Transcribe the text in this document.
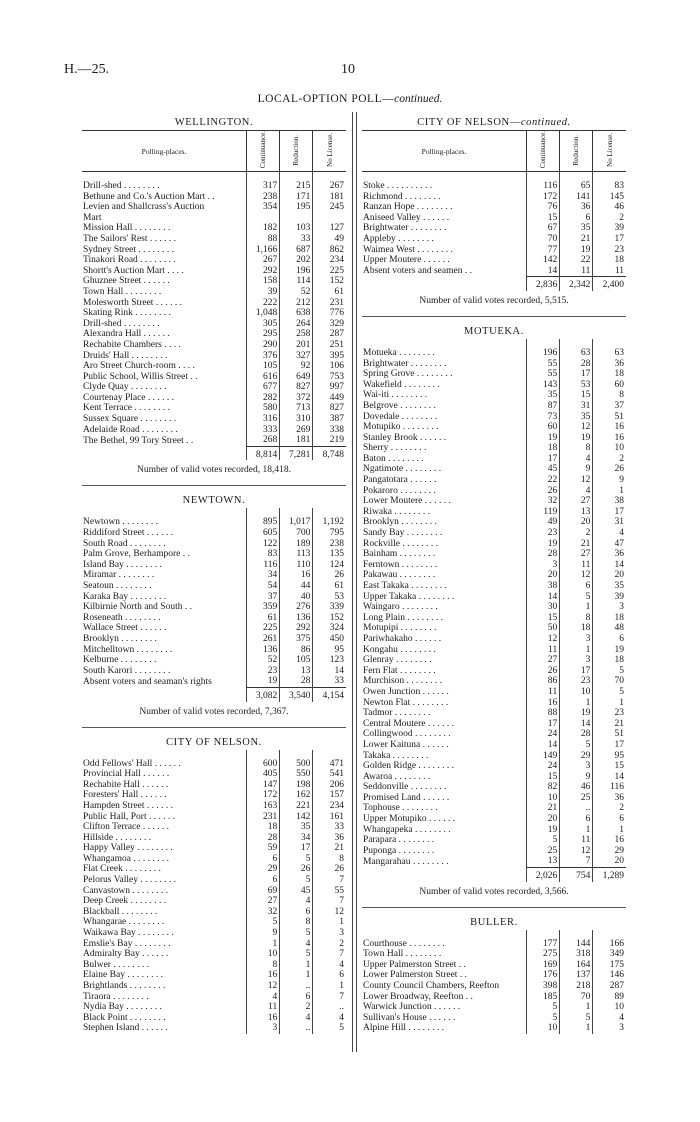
H.—25.	10
LOCAL-OPTION POLL—continued.
WELLINGTON.
Polling-places.	Continuance.	Reduction.	No License.
Drill-shed . . . . . . . .	317	215	267
Bethune and Co.'s Auction Mart . .	238	171	181
Levien and Shallcrass's Auction	354	195	245
Mart			
Mission Hall . . . . . . . .	182	103	127
The Sailors' Rest . . . . . .	88	33	49
Sydney Street . . . . . . . .	1,166	687	862
Tinakori Road . . . . . . . .	267	202	234
Shortt's Auction Mart . . . .	292	196	225
Ghuznee Street . . . . . .	158	114	152
Town Hall . . . . . . . .	39	52	61
Molesworth Street . . . . . .	222	212	231
Skating Rink . . . . . . . .	1,048	638	776
Drill-shed . . . . . . . .	305	264	329
Alexandra Hall . . . . . .	295	258	287
Rechabite Chambers . . . .	290	201	251
Druids' Hall . . . . . . . .	376	327	395
Aro Street Church-room . . . .	105	92	106
Public School, Willis Street . .	616	649	753
Clyde Quay . . . . . . . .	677	827	997
Courtenay Place . . . . . .	282	372	449
Kent Terrace . . . . . . . .	580	713	827
Sussex Square . . . . . . . .	316	310	387
Adelaide Road . . . . . . . .	333	269	338
The Bethel, 99 Tory Street . .	268	181	219
	8,814	7,281	8,748
Number of valid votes recorded, 18,418.
NEWTOWN.
Newtown . . . . . . . .	895	1,017	1,192
Riddiford Street . . . . . .	605	700	795
South Road . . . . . . . .	122	189	238
Palm Grove, Berhampore . .	83	113	135
Island Bay . . . . . . . .	116	110	124
Miramar . . . . . . . .	34	16	26
Seatoun . . . . . . . .	54	44	61
Karaka Bay . . . . . . . .	37	40	53
Kilbirnie North and South . .	359	276	339
Roseneath . . . . . . . .	61	136	152
Wallace Street . . . . . .	225	292	324
Brooklyn . . . . . . . .	261	375	450
Mitchelltown . . . . . . . .	136	86	95
Kelburne . . . . . . . .	52	105	123
South Karori . . . . . . . .	23	13	14
Absent voters and seaman's rights	19	28	33
	3,082	3,540	4,154
Number of valid votes recorded, 7,367.
CITY OF NELSON.
Odd Fellows' Hall . . . . . .	600	500	471
Provincial Hall . . . . . .	405	550	541
Rechabite Hall . . . . . .	147	198	206
Foresters' Hall . . . . . .	172	162	157
Hampden Street . . . . . .	163	221	234
Public Hall, Port . . . . . .	231	142	161
Clifton Terrace . . . . . .	18	35	33
Hillside . . . . . . . .	28	34	36
Happy Valley . . . . . . . .	59	17	21
Whangamoa . . . . . . . .	6	5	8
Flat Creek . . . . . . . .	29	26	26
Pelorus Valley . . . . . . . .	6	5	7
Canvastown . . . . . . . .	69	45	55
Deep Creek . . . . . . . .	27	4	7
Blackball . . . . . . . .	32	6	12
Whangarae . . . . . . . .	5	8	1
Waikawa Bay . . . . . . . .	9	5	3
Emslie's Bay . . . . . . . .	1	4	2
Admiralty Bay . . . . . .	10	5	7
Bulwer . . . . . . . .	8	1	4
Elaine Bay . . . . . . . .	16	1	6
Brightlands . . . . . . . .	12	..	1
Tiraora . . . . . . . .	4	6	7
Nydia Bay . . . . . . . .	11	2	..
Black Point . . . . . . . .	16	4	4
Stephen Island . . . . . .	3	..	5
CITY OF NELSON—continued.
Polling-places.	Continuance.	Reduction.	No License.
Stoke . . . . . . . . . .	116	65	83
Richmond . . . . . . . .	172	141	145
Ranzan Hope . . . . . . . .	76	36	46
Aniseed Valley . . . . . .	15	6	2
Brightwater . . . . . . . .	67	35	39
Appleby . . . . . . . .	70	21	17
Waimea West . . . . . . . .	77	19	23
Upper Moutere . . . . . .	142	22	18
Absent voters and seamen . .	14	11	11
	2,836	2,342	2,400
Number of valid votes recorded, 5,515.
MOTUEKA.
Motueka . . . . . . . .	196	63	63
Brightwater . . . . . . . .	55	28	36
Spring Grove . . . . . . . .	55	17	18
Wakefield . . . . . . . .	143	53	60
Wai-iti . . . . . . . .	35	15	8
Belgrove . . . . . . . .	87	31	37
Dovedale . . . . . . . .	73	35	51
Motupiko . . . . . . . .	60	12	16
Stanley Brook . . . . . .	19	19	16
Sherry . . . . . . . .	18	8	10
Baton . . . . . . . .	17	4	2
Ngatimote . . . . . . . .	45	9	26
Pangatotara . . . . . .	22	12	9
Pokaroro . . . . . . . .	26	4	1
Lower Moutere . . . . . .	32	27	38
Riwaka . . . . . . . .	119	13	17
Brooklyn . . . . . . . .	49	20	31
Sandy Bay . . . . . . . .	23	2	4
Rockville . . . . . . . .	19	21	47
Bainham . . . . . . . .	28	27	36
Ferntown . . . . . . . .	3	11	14
Pakawau . . . . . . . .	20	12	20
East Takaka . . . . . . . .	38	6	35
Upper Takaka . . . . . . . .	14	5	39
Waingaro . . . . . . . .	30	1	3
Long Plain . . . . . . . .	15	8	18
Motupipi . . . . . . . .	50	18	48
Pariwhakaho . . . . . .	12	3	6
Kongahu . . . . . . . .	11	1	19
Glenray . . . . . . . .	27	3	18
Fern Flat . . . . . . . .	26	17	5
Murchison . . . . . . . .	86	23	70
Owen Junction . . . . . .	11	10	5
Newton Flat . . . . . . . .	16	1	1
Tadmor . . . . . . . .	88	19	23
Central Moutere . . . . . .	17	14	21
Collingwood . . . . . . . .	24	28	51
Lower Kaituna . . . . . .	14	5	17
Takaka . . . . . . . .	149	29	95
Golden Ridge . . . . . . . .	24	3	15
Awaroa . . . . . . . .	15	9	14
Seddonville . . . . . . . .	82	46	116
Promised Land . . . . . .	10	25	36
Tophouse . . . . . . . .	21	..	2
Upper Motupiko . . . . . .	20	6	6
Whangapeka . . . . . . . .	19	1	1
Parapara . . . . . . . .	5	11	16
Puponga . . . . . . . .	25	12	29
Mangarahau . . . . . . . .	13	7	20
	2,026	754	1,289
Number of valid votes recorded, 3,566.
BULLER.
Courthouse . . . . . . . .	177	144	166
Town Hall . . . . . . . .	275	318	349
Upper Palmerston Street . .	169	164	175
Lower Palmerston Street . .	176	137	146
County Council Chambers, Reefton	398	218	287
Lower Broadway, Reefton . .	185	70	89
Warwick Junction . . . . . .	5	1	10
Sullivan's House . . . . . .	5	5	4
Alpine Hill . . . . . . . .	10	1	3
